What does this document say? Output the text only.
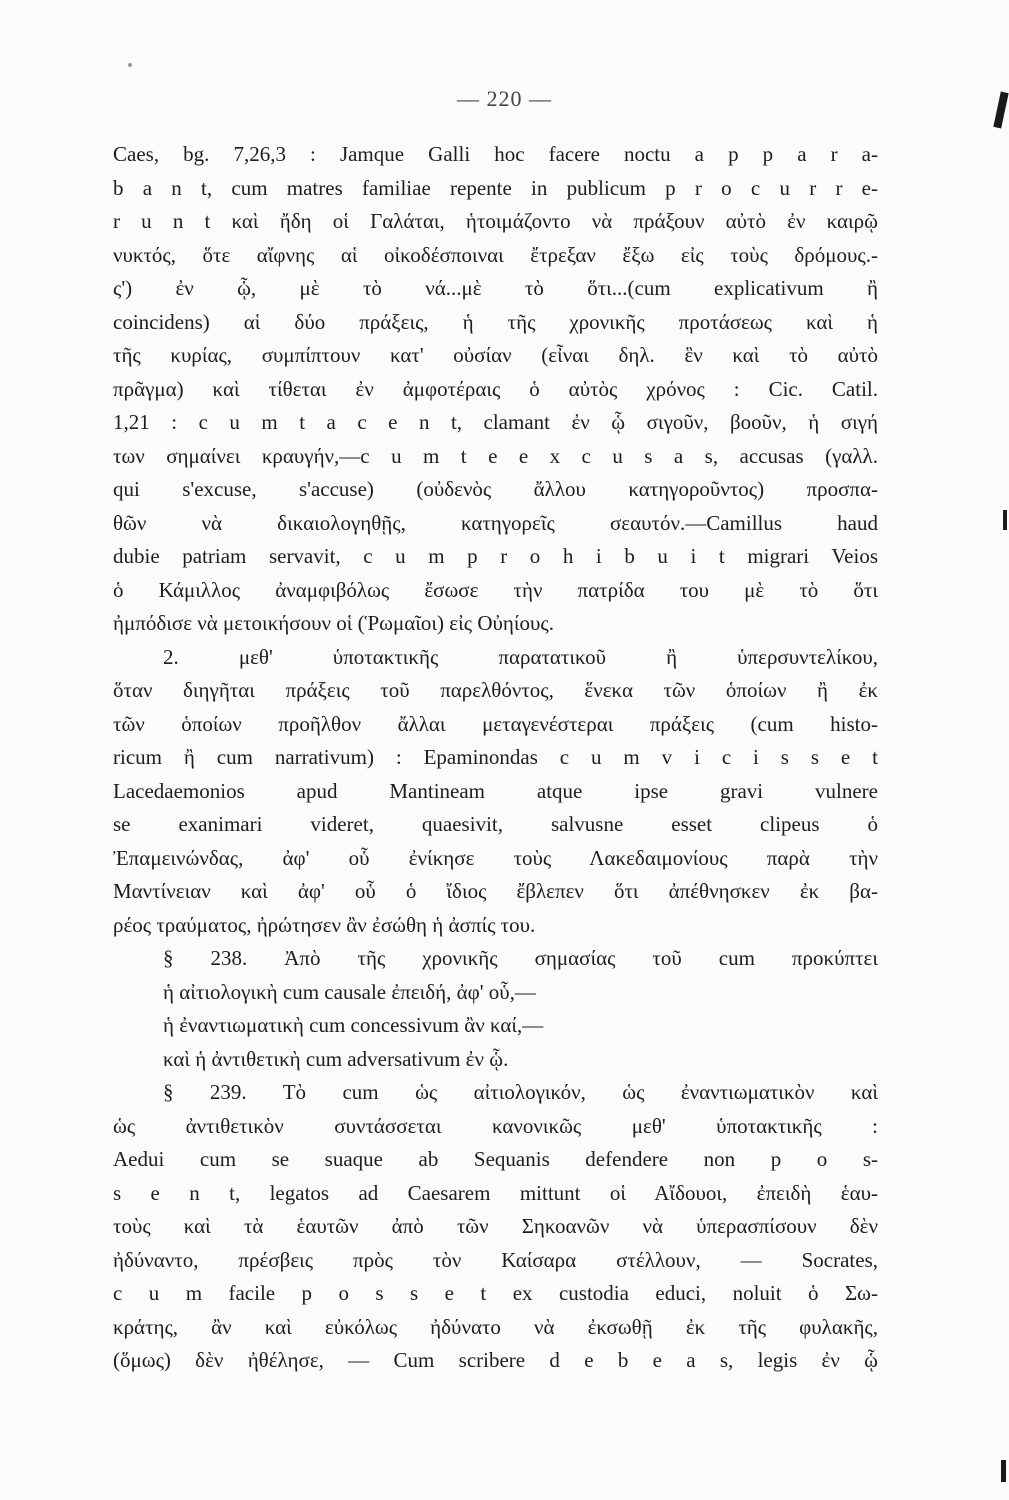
— 220 —
Caes, bg. 7,26,3 : Jamque Galli hoc facere noctu a p p a r a-
b a n t, cum matres familiae repente in publicum p r o c u r r e-
r u n t καὶ ἤδη οἱ Γαλάται, ἡτοιμάζοντο νὰ πράξουν αὐτὸ ἐν καιρῷ
νυκτός, ὅτε αἴφνης αἱ οἰκοδέσποιναι ἔτρεξαν ἔξω εἰς τοὺς δρόμους.-
ς') ἐν ᾧ, μὲ τὸ νά...μὲ τὸ ὅτι...(cum explicativum ἢ
coincidens) αἱ δύο πράξεις, ἡ τῆς χρονικῆς προτάσεως καὶ ἡ
τῆς κυρίας, συμπίπτουν κατ' οὐσίαν (εἶναι δηλ. ἓν καὶ τὸ αὐτὸ
πρᾶγμα) καὶ τίθεται ἐν ἀμφοτέραις ὁ αὐτὸς χρόνος : Cic. Catil.
1,21 : c u m t a c e n t, clamant ἐν ᾧ σιγοῦν, βοοῦν, ἡ σιγή
των σημαίνει κραυγήν,—c u m t e e x c u s a s, accusas (γαλλ.
qui s'excuse, s'accuse) (οὐδενὸς ἄλλου κατηγοροῦντος) προσπα-
θῶν νὰ δικαιολογηθῇς, κατηγορεῖς σεαυτόν.—Camillus haud
dubie patriam servavit, c u m p r o h i b u i t migrari Veios
ὁ Κάμιλλος ἀναμφιβόλως ἔσωσε τὴν πατρίδα του μὲ τὸ ὅτι
ἠμπόδισε νὰ μετοικήσουν οἱ (Ῥωμαῖοι) εἰς Οὐηίους.
2. μεθ' ὑποτακτικῆς παρατατικοῦ ἢ ὑπερσυντελίκου,
ὅταν διηγῆται πράξεις τοῦ παρελθόντος, ἕνεκα τῶν ὁποίων ἢ ἐκ
τῶν ὁποίων προῆλθον ἄλλαι μεταγενέστεραι πράξεις (cum histo-
ricum ἢ cum narrativum) : Epaminondas c u m v i c i s s e t
Lacedaemonios apud Mantineam atque ipse gravi vulnere
se exanimari videret, quaesivit, salvusne esset clipeus ὁ
Ἐπαμεινώνδας, ἀφ' οὗ ἐνίκησε τοὺς Λακεδαιμονίους παρὰ τὴν
Μαντίνειαν καὶ ἀφ' οὗ ὁ ἴδιος ἔβλεπεν ὅτι ἀπέθνησκεν ἐκ βα-
ρέος τραύματος, ἠρώτησεν ἂν ἐσώθη ἡ ἀσπίς του.
§ 238. Ἀπὸ τῆς χρονικῆς σημασίας τοῦ cum προκύπτει
ἡ αἰτιολογικὴ cum causale ἐπειδή, ἀφ' οὗ,—
ἡ ἐναντιωματικὴ cum concessivum ἂν καί,—
καὶ ἡ ἀντιθετικὴ cum adversativum ἐν ᾧ.
§ 239. Τὸ cum ὡς αἰτιολογικόν, ὡς ἐναντιωματικὸν καὶ
ὡς ἀντιθετικὸν συντάσσεται κανονικῶς μεθ' ὑποτακτικῆς :
Aedui cum se suaque ab Sequanis defendere non p o s-
s e n t, legatos ad Caesarem mittunt οἱ Αἴδουοι, ἐπειδὴ ἑαυ-
τοὺς καὶ τὰ ἑαυτῶν ἀπὸ τῶν Σηκοανῶν νὰ ὑπερασπίσουν δὲν
ἠδύναντο, πρέσβεις πρὸς τὸν Καίσαρα στέλλουν, — Socrates,
c u m facile p o s s e t ex custodia educi, noluit ὁ Σω-
κράτης, ἂν καὶ εὐκόλως ἠδύνατο νὰ ἐκσωθῇ ἐκ τῆς φυλακῆς,
(ὅμως) δὲν ἠθέλησε, — Cum scribere d e b e a s, legis ἐν ᾧ
